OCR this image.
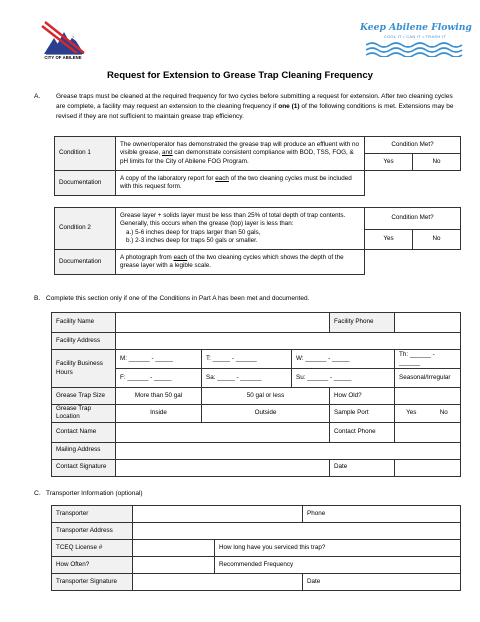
CITY OF ABILENE
Keep Abilene Flowing
COOL IT • CAN IT • TRASH IT
Request for Extension to Grease Trap Cleaning Frequency
A. Grease traps must be cleaned at the required frequency for two cycles before submitting a request for extension. After two cleaning cycles are complete, a facility may request an extension to the cleaning frequency if one (1) of the following conditions is met. Extensions may be revised if they are not sufficient to maintain grease trap efficiency.
Condition 1	The owner/operator has demonstrated the grease trap will produce an effluent with no visible grease, and can demonstrate consistent compliance with BOD, TSS, FOG, & pH limits for the City of Abilene FOG Program.	Condition Met?	
		Yes	No
Documentation	A copy of the laboratory report for each of the two cleaning cycles must be included with this request form.		
Condition 2	Grease layer + solids layer must be less than 25% of total depth of trap contents. Generally, this occurs when the grease (top) layer is less than:
a.) 5-6 inches deep for traps larger than 50 gals,
b.) 2-3 inches deep for traps 50 gals or smaller.	Condition Met?	
		Yes	No
Documentation	A photograph from each of the two cleaning cycles which shows the depth of the grease layer with a legible scale.		
B. Complete this section only if one of the Conditions in Part A has been met and documented.
Facility Name				Facility Phone	
Facility Address					
Facility Business Hours	M: ______ - _____	T: _____ - ______	W: ______ - _____		Th: ______ - ______
	F: ______ - _____	Sa: _____ - ______	Su: ______ - _____		Seasonal/Irregular
Grease Trap Size	More than 50 gal	50 gal or less		How Old?	
Grease Trap Location	Inside	Outside		Sample Port	Yes No
Contact Name				Contact Phone	
Mailing Address					
Contact Signature				Date	
C. Transporter Information (optional)
Transporter			Phone
Transporter Address			
TCEQ License #		How long have you serviced this trap?	
How Often?		Recommended Frequency	
Transporter Signature			Date
